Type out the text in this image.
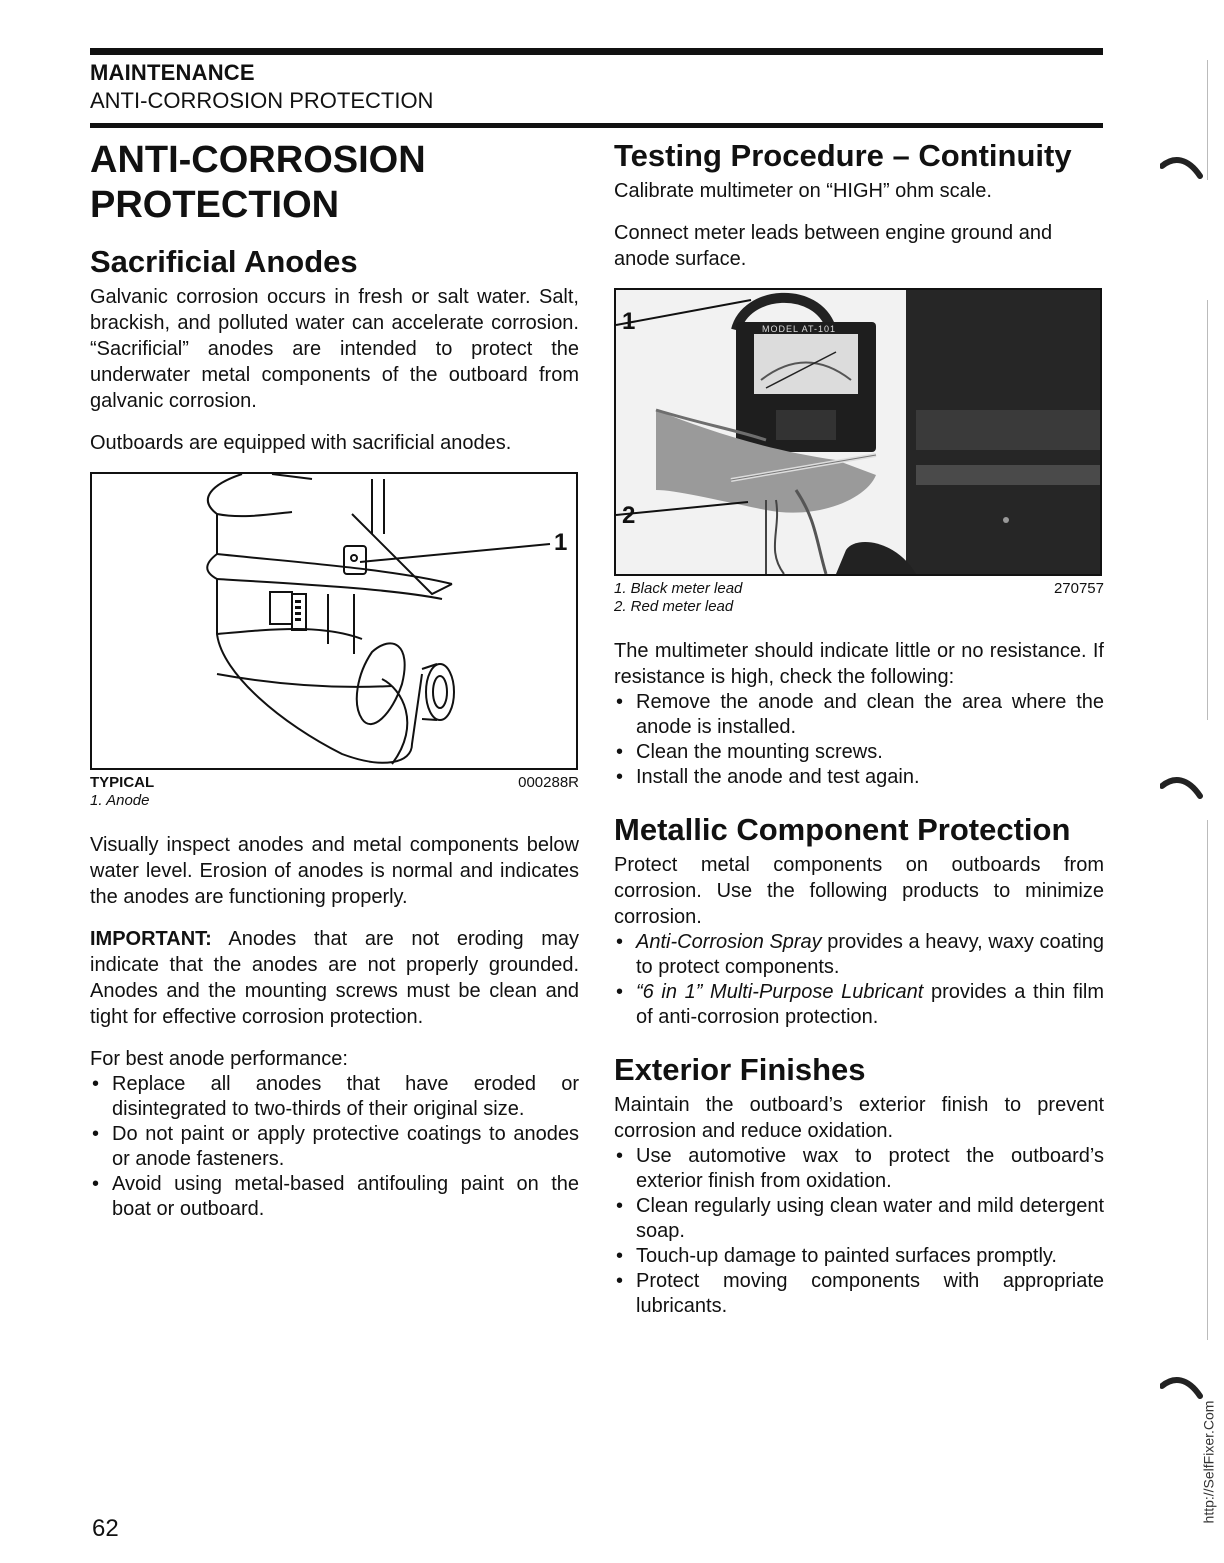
MAINTENANCE
ANTI-CORROSION PROTECTION
ANTI-CORROSION
PROTECTION
Sacrificial Anodes

Galvanic corrosion occurs in fresh or salt water. Salt, brackish, and polluted water can accelerate corrosion. “Sacrificial” anodes are intended to protect the underwater metal components of the outboard from galvanic corrosion.

Outboards are equipped with sacrificial anodes.

1
TYPICAL	000288R
1. Anode

Visually inspect anodes and metal components below water level. Erosion of anodes is normal and indicates the anodes are functioning properly.

IMPORTANT: Anodes that are not eroding may indicate that the anodes are not properly grounded. Anodes and the mounting screws must be clean and tight for effective corrosion protection.

For best anode performance:

• Replace all anodes that have eroded or disintegrated to two-thirds of their original size.
• Do not paint or apply protective coatings to anodes or anode fasteners.
• Avoid using metal-based antifouling paint on the boat or outboard.
Testing Procedure – Continuity

Calibrate multimeter on “HIGH” ohm scale.

Connect meter leads between engine ground and anode surface.

MODEL AT-101
1
2
1. Black meter lead	270757
2. Red meter lead

The multimeter should indicate little or no resistance. If resistance is high, check the following:

• Remove the anode and clean the area where the anode is installed.
• Clean the mounting screws.
• Install the anode and test again.
Metallic Component Protection

Protect metal components on outboards from corrosion. Use the following products to minimize corrosion.

• Anti-Corrosion Spray provides a heavy, waxy coating to protect components.
• “6 in 1” Multi-Purpose Lubricant provides a thin film of anti-corrosion protection.
Exterior Finishes

Maintain the outboard’s exterior finish to prevent corrosion and reduce oxidation.

• Use automotive wax to protect the outboard’s exterior finish from oxidation.
• Clean regularly using clean water and mild detergent soap.
• Touch-up damage to painted surfaces promptly.
• Protect moving components with appropriate lubricants.
62
http://SelfFixer.Com
